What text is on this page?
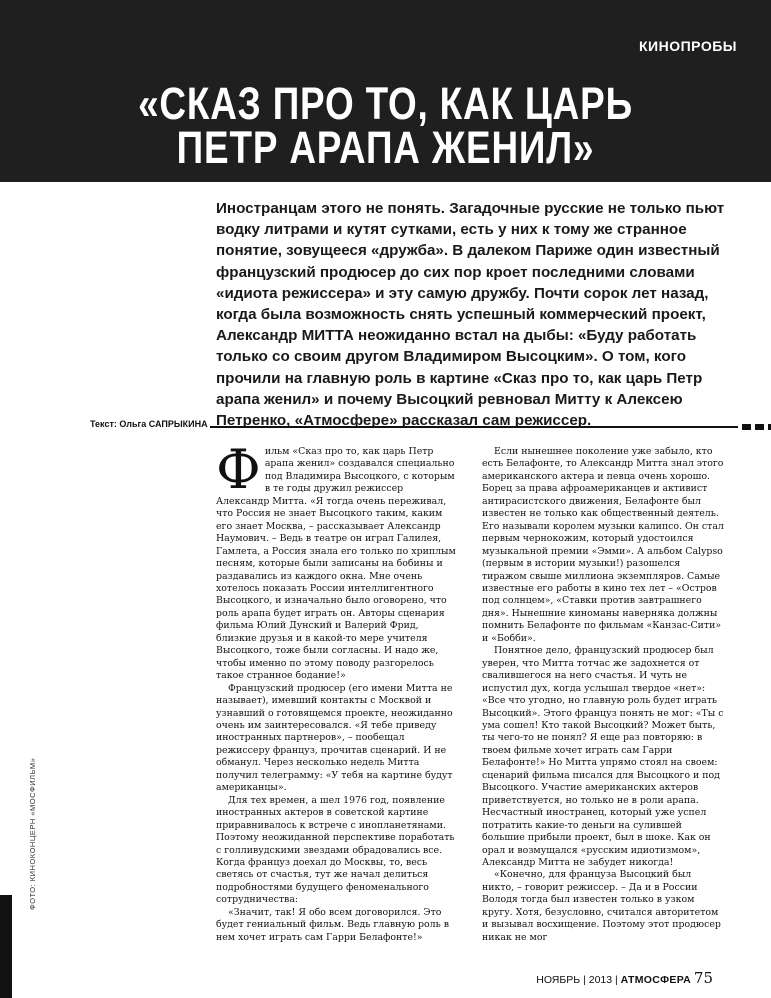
КИНОПРОБЫ
«СКАЗ ПРО ТО, КАК ЦАРЬ
ПЕТР АРАПА ЖЕНИЛ»
Иностранцам этого не понять. Загадочные русские не только пьют водку литрами и кутят сутками, есть у них к тому же странное понятие, зовущееся «дружба». В далеком Париже один известный французский продюсер до сих пор кроет последними словами «идиота режиссера» и эту самую дружбу. Почти сорок лет назад, когда была возможность снять успешный коммерческий проект, Александр МИТТА неожиданно встал на дыбы: «Буду работать только со своим другом Владимиром Высоцким». О том, кого прочили на главную роль в картине «Сказ про то, как царь Петр арапа женил» и почему Высоцкий ревновал Митту к Алексею Петренко, «Атмосфере» рассказал сам режиссер.
Текст: Ольга САПРЫКИНА

Фильм «Сказ про то, как царь Петр арапа женил» создавался специально под Владимира Высоцкого, с которым в те годы дружил режиссер Александр Митта. «Я тогда очень переживал, что Россия не знает Высоцкого таким, каким его знает Москва, – рассказывает Александр Наумович. – Ведь в театре он играл Галилея, Гамлета, а Россия знала его только по хриплым песням, которые были записаны на бобины и раздавались из каждого окна. Мне очень хотелось показать России интеллигентного Высоцкого, и изначально было оговорено, что роль арапа будет играть он. Авторы сценария фильма Юлий Дунский и Валерий Фрид, близкие друзья и в какой-то мере учителя Высоцкого, тоже были согласны. И надо же, чтобы именно по этому поводу разгорелось такое странное бодание!»

Французский продюсер (его имени Митта не называет), имевший контакты с Москвой и узнавший о готовящемся проекте, неожиданно очень им заинтересовался. «Я тебе приведу иностранных партнеров», – пообещал режиссеру француз, прочитав сценарий. И не обманул. Через несколько недель Митта получил телеграмму: «У тебя на картине будут американцы».

Для тех времен, а шел 1976 год, появление иностранных актеров в советской картине приравнивалось к встрече с инопланетянами. Поэтому неожиданной перспективе поработать с голливудскими звездами обрадовались все. Когда француз доехал до Москвы, то, весь светясь от счастья, тут же начал делиться подробностями будущего феноменального сотрудничества:

«Значит, так! Я обо всем договорился. Это будет гениальный фильм. Ведь главную роль в нем хочет играть сам Гарри Белафонте!»

Если нынешнее поколение уже забыло, кто есть Белафонте, то Александр Митта знал этого американского актера и певца очень хорошо. Борец за права афроамериканцев и активист антирасистского движения, Белафонте был известен не только как общественный деятель. Его называли королем музыки калипсо. Он стал первым чернокожим, который удостоился музыкальной премии «Эмми». А альбом Calypso (первым в истории музыки!) разошелся тиражом свыше миллиона экземпляров. Самые известные его работы в кино тех лет – «Остров под солнцем», «Ставки против завтрашнего дня». Нынешние киноманы наверняка должны помнить Белафонте по фильмам «Канзас-Сити» и «Бобби».

Понятное дело, французский продюсер был уверен, что Митта тотчас же задохнется от свалившегося на него счастья. И чуть не испустил дух, когда услышал твердое «нет»: «Все что угодно, но главную роль будет играть Высоцкий». Этого француз понять не мог: «Ты с ума сошел! Кто такой Высоцкий? Может быть, ты чего-то не понял? Я еще раз повторяю: в твоем фильме хочет играть сам Гарри Белафонте!» Но Митта упрямо стоял на своем: сценарий фильма писался для Высоцкого и под Высоцкого. Участие американских актеров приветствуется, но только не в роли арапа. Несчастный иностранец, который уже успел потратить какие-то деньги на сулившей большие прибыли проект, был в шоке. Как он орал и возмущался «русским идиотизмом», Александр Митта не забудет никогда!

«Конечно, для француза Высоцкий был никто, – говорит режиссер. – Да и в России Володя тогда был известен только в узком кругу. Хотя, безусловно, считался авторитетом и вызывал восхищение. Поэтому этот продюсер никак не мог

ФОТО: КИНОКОНЦЕРН «МОСФИЛЬМ»
НОЯБРЬ | 2013 | АТМОСФЕРА 75
